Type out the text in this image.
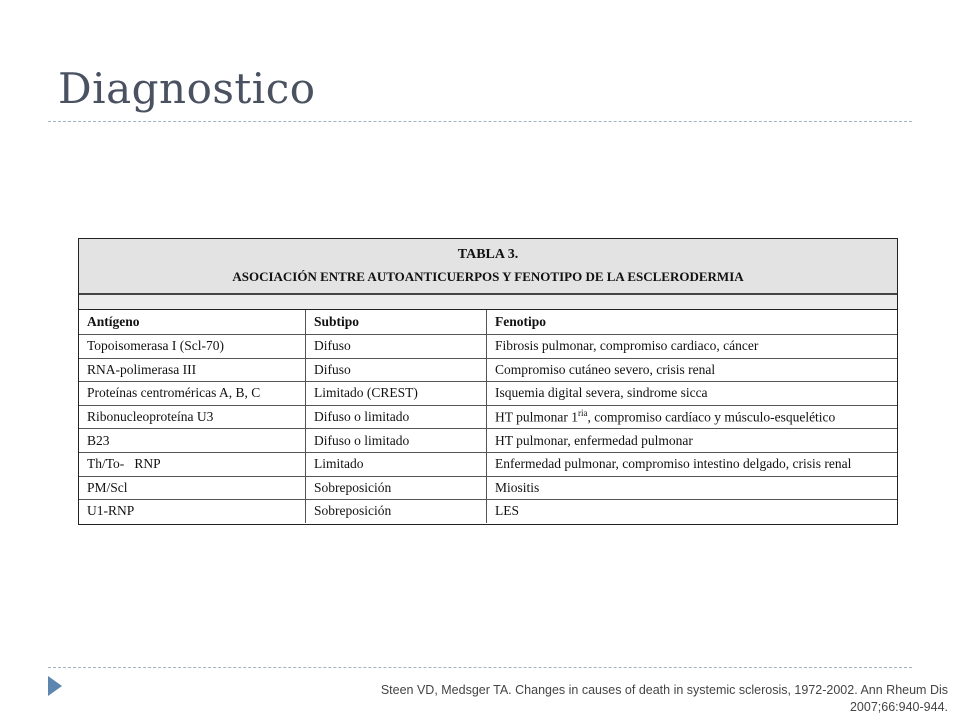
Diagnostico
TABLA 3.
ASOCIACIÓN ENTRE AUTOANTICUERPOS Y FENOTIPO DE LA ESCLERODERMIA
Antígeno	Subtipo	Fenotipo
Topoisomerasa I (Scl-70)	Difuso	Fibrosis pulmonar, compromiso cardiaco, cáncer
RNA-polimerasa III	Difuso	Compromiso cutáneo severo, crisis renal
Proteínas centroméricas A, B, C	Limitado (CREST)	Isquemia digital severa, sindrome sicca
Ribonucleoproteína U3	Difuso o limitado	HT pulmonar $1^{ria}$, compromiso cardíaco y músculo-esquelético
B23	Difuso o limitado	HT pulmonar, enfermedad pulmonar
Th/To-   RNP	Limitado	Enfermedad pulmonar, compromiso intestino delgado, crisis renal
PM/Scl	Sobreposición	Miositis
U1-RNP	Sobreposición	LES
Steen VD, Medsger TA. Changes in causes of death in systemic sclerosis, 1972-2002. Ann Rheum Dis
2007;66:940-944.
